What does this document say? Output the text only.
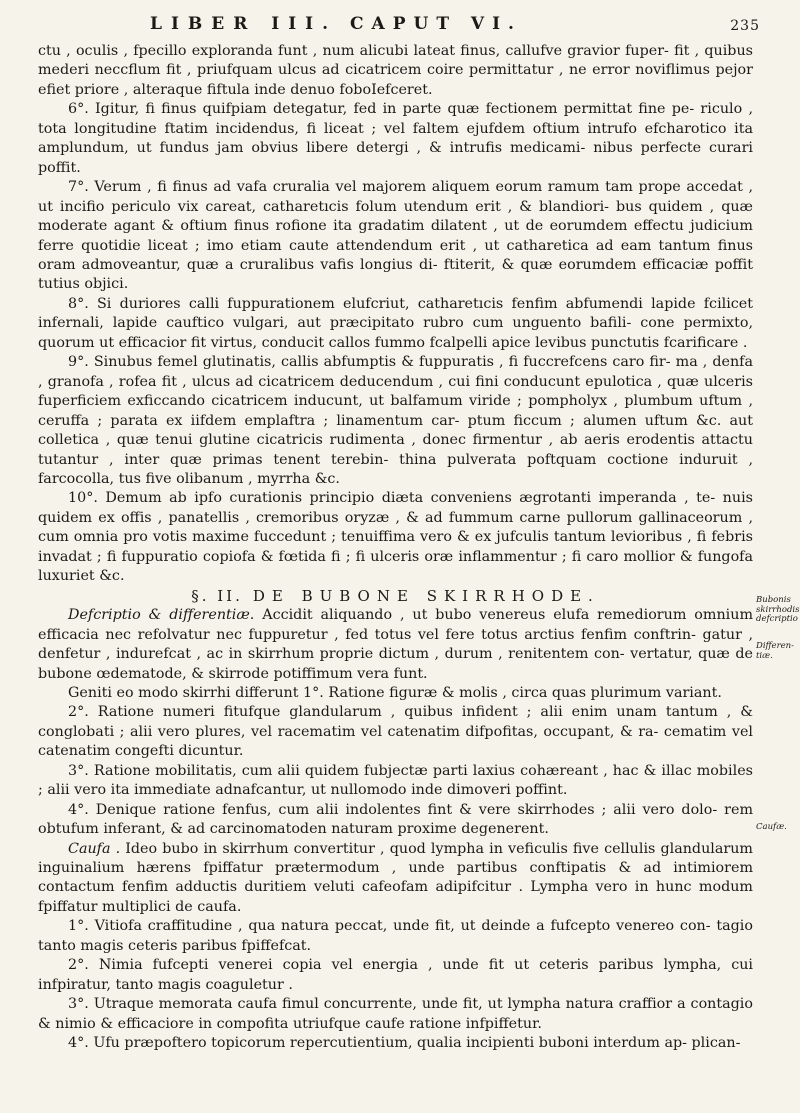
LIBER III. CAPUT VI.	235

ctu , oculis , fpecillo exploranda funt , num alicubi lateat finus, callufve gravior fuper- fit , quibus mederi neccflum fit , priufquam ulcus ad cicatricem coire permittatur , ne error noviflimus pejor efiet priore , alteraque fiftula inde denuo foboIefceret.

6°. Igitur, fi finus quifpiam detegatur, fed in parte quæ fectionem permittat fine pe- riculo , tota longitudine ftatim incidendus, fi liceat ; vel faltem ejufdem oftium intrufo efcharotico ita amplundum, ut fundus jam obvius libere detergi , & intrufis medicami- nibus perfecte curari poffit.

7°. Verum , fi finus ad vafa cruralia vel majorem aliquem eorum ramum tam prope accedat , ut incifio periculo vix careat, catharetıcis folum utendum erit , & blandiori- bus quidem , quæ moderate agant & oftium finus rofione ita gradatim dilatent , ut de eorumdem effectu judicium ferre quotidie liceat ; imo etiam caute attendendum erit , ut catharetica ad eam tantum finus oram admoveantur, quæ a cruralibus vafis longius di- ftiterit, & quæ eorumdem efficaciæ poffit tutius objici.

8°. Si duriores calli fuppurationem elufcriut, catharetıcis fenfim abfumendi lapide fcilicet infernali, lapide cauftico vulgari, aut præcipitato rubro cum unguento bafili- cone permixto, quorum ut efficacior fit virtus, conducit callos fummo fcalpelli apice levibus punctutis fcarificare .

9°. Sinubus femel glutinatis, callis abfumptis & fuppuratis , fi fuccrefcens caro fir- ma , denfa , granofa , rofea fit , ulcus ad cicatricem deducendum , cui fini conducunt epulotica , quæ ulceris fuperficiem exficcando cicatricem inducunt, ut balfamum viride ; pompholyx , plumbum uftum , ceruffa ; parata ex iifdem emplaftra ; linamentum car- ptum ficcum ; alumen uftum &c. aut colletica , quæ tenui glutine cicatricis rudimenta , donec firmentur , ab aeris erodentis attactu tutantur , inter quæ primas tenent terebin- thina pulverata poftquam coctione induruit , farcocolla, tus five olibanum , myrrha &c.

10°. Demum ab ipfo curationis principio diæta conveniens ægrotanti imperanda , te- nuis quidem ex offis , panatellis , cremoribus oryzæ , & ad fummum carne pullorum gallinaceorum , cum omnia pro votis maxime fuccedunt ; tenuiffima vero & ex jufculis tantum levioribus , fi febris invadat ; fi fuppuratio copiofa & fœtida fi ; fi ulceris oræ inflammentur ; fi caro mollior & fungofa luxuriet &c.

§. II. DE BUBONE SKIRRHODE.

Defcriptio & differentiæ. Accidit aliquando , ut bubo venereus elufa remediorum omnium efficacia nec refolvatur nec fuppuretur , fed totus vel fere totus arctius fenfim conftrin- gatur , denfetur , indurefcat , ac in skirrhum proprie dictum , durum , renitentem con- vertatur, quæ de bubone œdematode, & skirrode potiffimum vera funt.

Geniti eo modo skirrhi differunt 1°. Ratione figuræ & molis , circa quas plurimum variant.

2°. Ratione numeri fitufque glandularum , quibus infident ; alii enim unam tantum , & conglobati ; alii vero plures, vel racematim vel catenatim difpofitas, occupant, & ra- cematim vel catenatim congefti dicuntur.

3°. Ratione mobilitatis, cum alii quidem fubjectæ parti laxius cohæreant , hac & illac mobiles ; alii vero ita immediate adnafcantur, ut nullomodo inde dimoveri poffint.

4°. Denique ratione fenfus, cum alii indolentes fint & vere skirrhodes ; alii vero dolo- rem obtufum inferant, & ad carcinomatoden naturam proxime degenerent.

Caufa . Ideo bubo in skirrhum convertitur , quod lympha in veficulis five cellulis glandularum inguinalium hærens fpiffatur prætermodum , unde partibus conftipatis & ad intimiorem contactum fenfim adductis duritiem veluti cafeofam adipifcitur . Lympha vero in hunc modum fpiffatur multiplici de caufa.

1°. Vitiofa craffitudine , qua natura peccat, unde fit, ut deinde a fufcepto venereo con- tagio tanto magis ceteris paribus fpiffefcat.

2°. Nimia fufcepti venerei copia vel energia , unde fit ut ceteris paribus lympha, cui infpiratur, tanto magis coaguletur .

3°. Utraque memorata caufa fimul concurrente, unde fit, ut lympha natura craffior a contagio & nimio & efficaciore in compofita utriufque caufe ratione infpiffetur.

4°. Ufu præpoftero topicorum repercutientium, qualia incipienti buboni interdum ap- plican-

Bubonis skirrhodis defcriptio
Differen-tiæ.
Caufæ.
